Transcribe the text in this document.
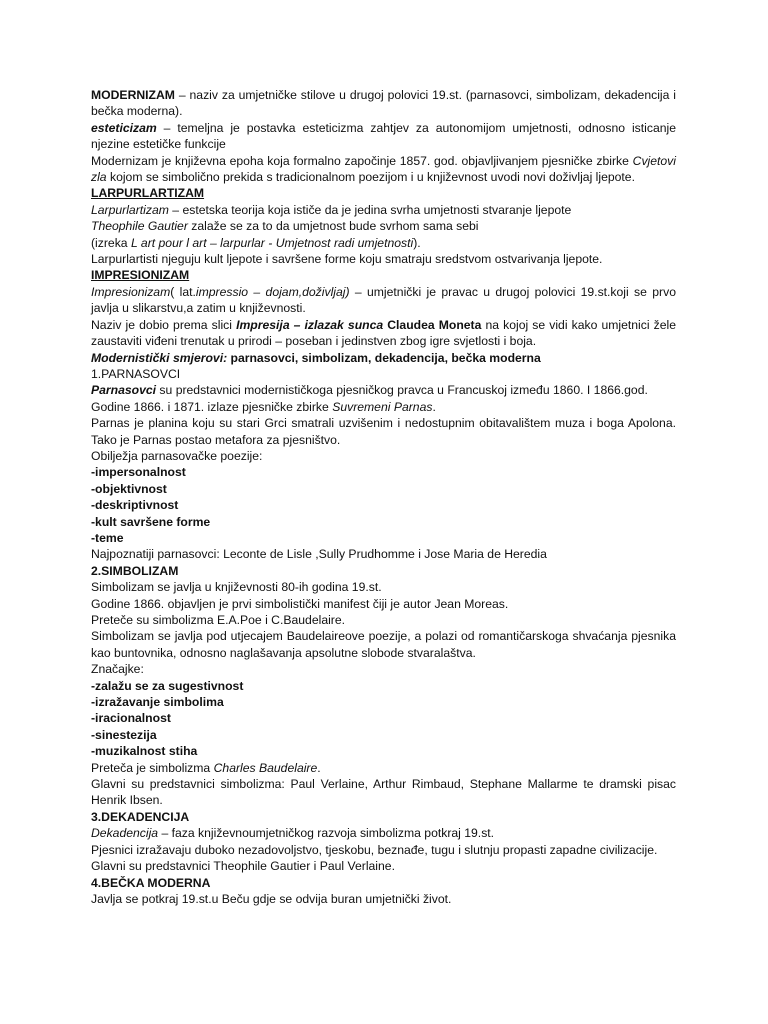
MODERNIZAM – naziv za umjetničke stilove u drugoj polovici 19.st. (parnasovci, simbolizam, dekadencija i bečka moderna).

esteticizam – temeljna je postavka esteticizma zahtjev za autonomijom umjetnosti, odnosno isticanje njezine estetičke funkcije

Modernizam je književna epoha koja formalno započinje 1857. god. objavljivanjem pjesničke zbirke Cvjetovi zla kojom se simbolično prekida s tradicionalnom poezijom i u književnost uvodi novi doživljaj ljepote.

LARPURLARTIZAM

Larpurlartizam – estetska teorija koja ističe da je jedina svrha umjetnosti stvaranje ljepote

Theophile Gautier zalaže se za to da umjetnost bude svrhom sama sebi

(izreka L art pour l art – larpurlar - Umjetnost radi umjetnosti).

Larpurlartisti njeguju kult ljepote i savršene forme koju smatraju sredstvom ostvarivanja ljepote.

IMPRESIONIZAM

Impresionizam( lat.impressio – dojam,doživljaj) – umjetnički je pravac u drugoj polovici 19.st.koji se prvo javlja u slikarstvu,a zatim u književnosti.

Naziv je dobio prema slici Impresija – izlazak sunca Claudea Moneta na kojoj se vidi kako umjetnici žele zaustaviti viđeni trenutak u prirodi – poseban i jedinstven zbog igre svjetlosti i boja.

Modernistički smjerovi: parnasovci, simbolizam, dekadencija, bečka moderna

1.PARNASOVCI

Parnasovci su predstavnici modernističkoga pjesničkog pravca u Francuskoj između 1860. I 1866.god.

Godine 1866. i 1871. izlaze pjesničke zbirke Suvremeni Parnas.

Parnas je planina koju su stari Grci smatrali uzvišenim i nedostupnim obitavalištem muza i boga Apolona. Tako je Parnas postao metafora za pjesništvo.

Obilježja parnasovačke poezije:

-impersonalnost

-objektivnost

-deskriptivnost

-kult savršene forme

-teme

Najpoznatiji parnasovci: Leconte de Lisle ,Sully Prudhomme i Jose Maria de Heredia

2.SIMBOLIZAM

Simbolizam se javlja u književnosti 80-ih godina 19.st.

Godine 1866. objavljen je prvi simbolistički manifest čiji je autor Jean Moreas.

Preteče su simbolizma E.A.Poe i C.Baudelaire.

Simbolizam se javlja pod utjecajem Baudelaireove poezije, a polazi od romantičarskoga shvaćanja pjesnika kao buntovnika, odnosno naglašavanja apsolutne slobode stvaralaštva.

Značajke:

-zalažu se za sugestivnost

-izražavanje simbolima

-iracionalnost

-sinestezija

-muzikalnost stiha

Preteča je simbolizma Charles Baudelaire.

Glavni su predstavnici simbolizma: Paul Verlaine, Arthur Rimbaud, Stephane Mallarme te dramski pisac Henrik Ibsen.

3.DEKADENCIJA

Dekadencija – faza književnoumjetničkog razvoja simbolizma potkraj 19.st.

Pjesnici izražavaju duboko nezadovoljstvo, tjeskobu, beznađe, tugu i slutnju propasti zapadne civilizacije.

Glavni su predstavnici Theophile Gautier i Paul Verlaine.

4.BEČKA MODERNA

Javlja se potkraj 19.st.u Beču gdje se odvija buran umjetnički život.
